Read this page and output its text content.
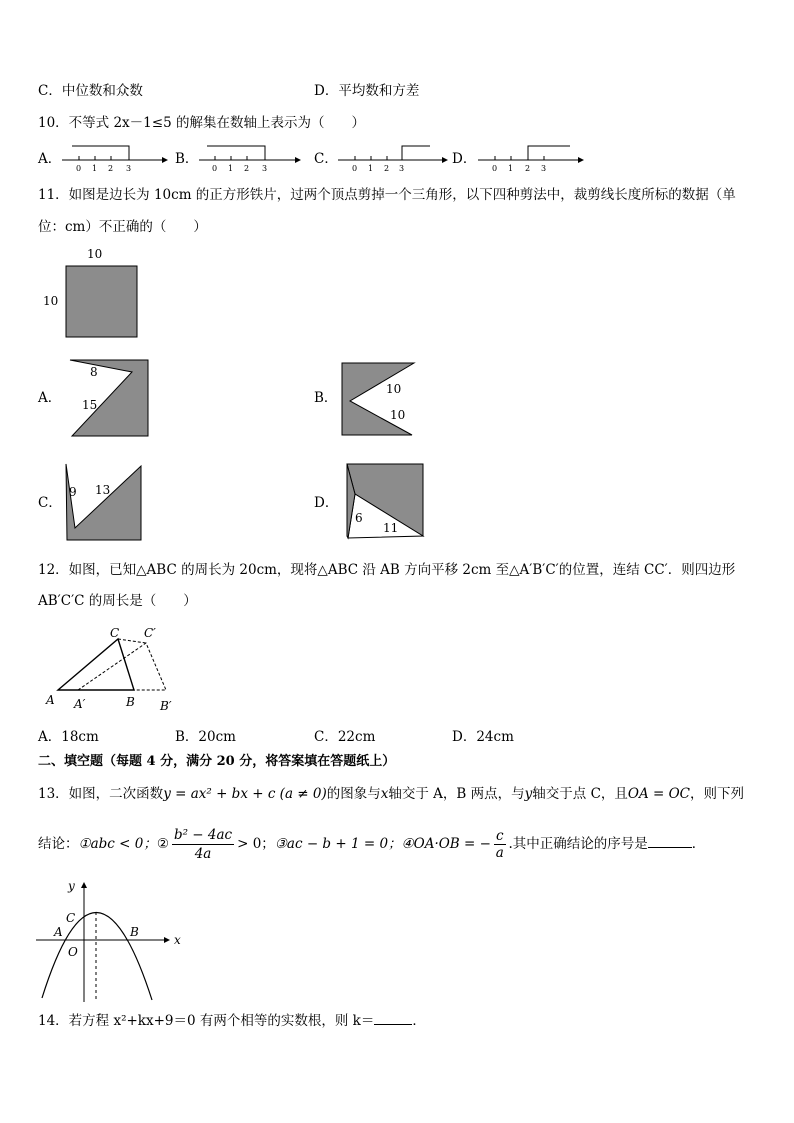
C．中位数和众数	D．平均数和方差
10．不等式 2x－1≤5 的解集在数轴上表示为（　　）
A．
0 1 2 3
B．
0 1 2 3
C．
0 1 2 3
D．
0 1 2 3
11．如图是边长为 10cm 的正方形铁片，过两个顶点剪掉一个三角形，以下四种剪法中，裁剪线长度所标的数据（单
位：cm）不正确的（　　）
10
10
A．
8
15	B．
10
10
C．
9 13
D．
6
11
12．如图，已知△ABC 的周长为 20cm，现将△ABC 沿 AB 方向平移 2cm 至△A′B′C′的位置，连结 CC′．则四边形
AB′C′C 的周长是（　　）
C C′
A A′	B B′
A．18cm	B．20cm	C．22cm	D．24cm
二、填空题（每题 4 分，满分 20 分，将答案填在答题纸上）
13．如图，二次函数y = ax² + bx + c (a ≠ 0)的图象与x轴交于 A，B 两点，与y轴交于点 C，且OA = OC，则下列
结论：①abc < 0；② $\frac{\text{b² − 4ac}}{4a} > 0$；③ac − b + 1 = 0；④OA·OB = − $\frac{c}{a}$ .其中正确结论的序号是	．
x
y
A	B
C
O
14．若方程 x²+kx+9＝0 有两个相等的实数根，则 k＝	．
